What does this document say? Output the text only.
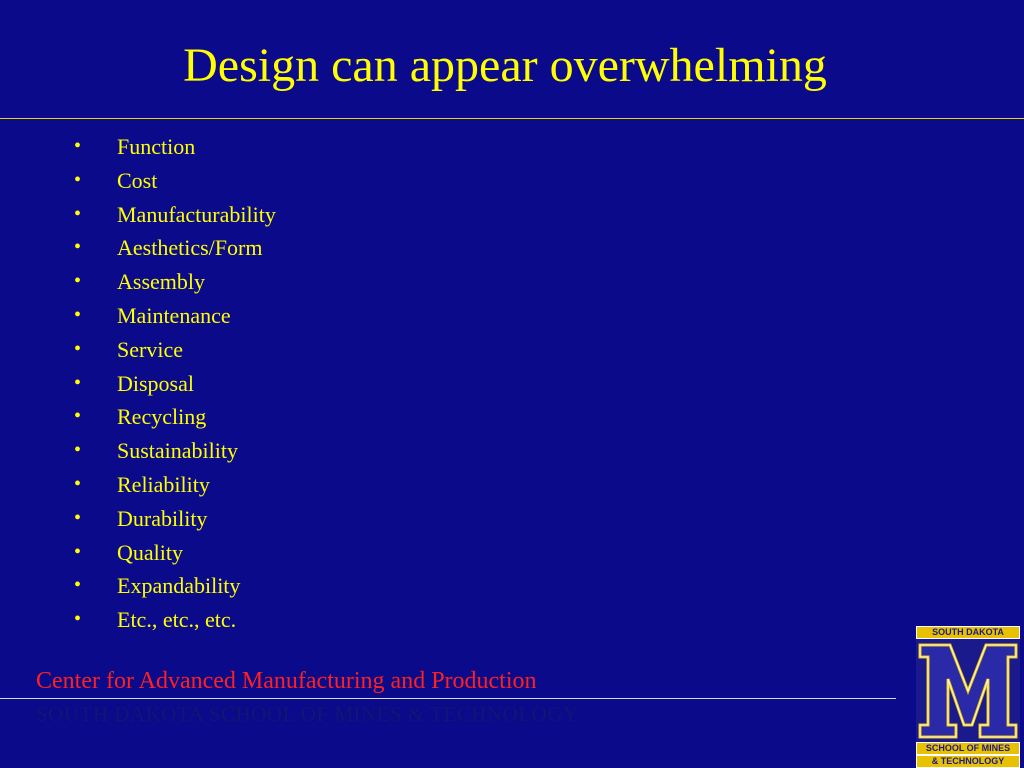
Design can appear overwhelming
• Function
• Cost
• Manufacturability
• Aesthetics/Form
• Assembly
• Maintenance
• Service
• Disposal
• Recycling
• Sustainability
• Reliability
• Durability
• Quality
• Expandability
• Etc., etc., etc.
Center for Advanced Manufacturing and Production
SOUTH DAKOTA SCHOOL OF MINES & TECHNOLOGY
SOUTH DAKOTA
SCHOOL OF MINES
& TECHNOLOGY
